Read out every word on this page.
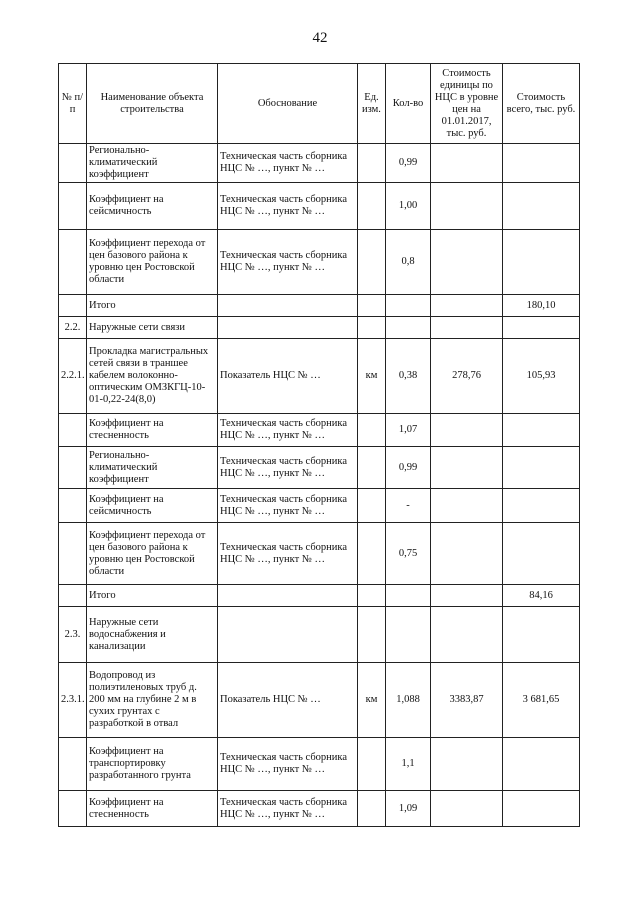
42
№ п/п	Наименование объекта строительства	Обоснование	Ед. изм.	Кол-во	Стоимость единицы по НЦС в уровне цен на 01.01.2017, тыс. руб.	Стоимость всего, тыс. руб.
	Регионально-климатический коэффициент	Техническая часть сборника НЦС № …, пункт № …		0,99		
	Коэффициент на сейсмичность	Техническая часть сборника НЦС № …, пункт № …		1,00		
	Коэффициент перехода от цен базового района к уровню цен Ростовской области	Техническая часть сборника НЦС № …, пункт № …		0,8		
	Итого					180,10
2.2.	Наружные сети связи					
2.2.1.	Прокладка магистральных сетей связи в траншее кабелем волоконно-оптическим ОМЗКГЦ-10-01-0,22-24(8,0)	Показатель НЦС № …	км	0,38	278,76	105,93
	Коэффициент на стесненность	Техническая часть сборника НЦС № …, пункт № …		1,07		
	Регионально-климатический коэффициент	Техническая часть сборника НЦС № …, пункт № …		0,99		
	Коэффициент на сейсмичность	Техническая часть сборника НЦС № …, пункт № …		-		
	Коэффициент перехода от цен базового района к уровню цен Ростовской области	Техническая часть сборника НЦС № …, пункт № …		0,75		
	Итого					84,16
2.3.	Наружные сети водоснабжения и канализации					
2.3.1.	Водопровод из полиэтиленовых труб д. 200 мм на глубине 2 м в сухих грунтах с разработкой в отвал	Показатель НЦС № …	км	1,088	3383,87	3 681,65
	Коэффициент на транспортировку разработанного грунта	Техническая часть сборника НЦС № …, пункт № …		1,1		
	Коэффициент на стесненность	Техническая часть сборника НЦС № …, пункт № …		1,09		
